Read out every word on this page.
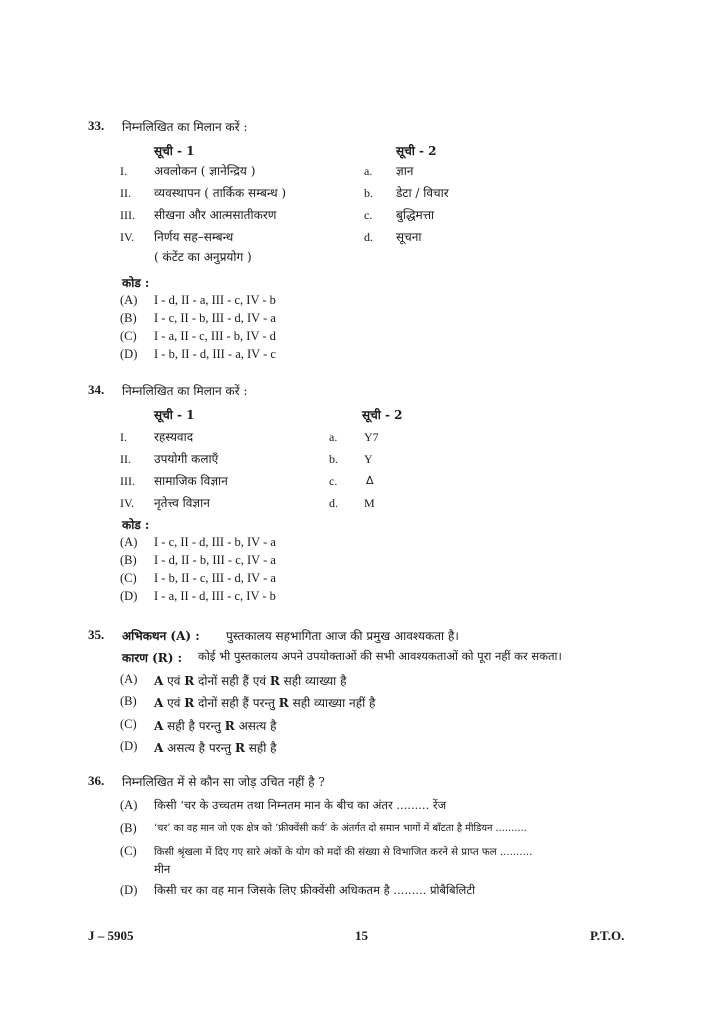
33. निम्नलिखित का मिलान करें :
सूची - 1	सूची - 2
I. अवलोकन ( ज्ञानेन्द्रिय )	a. ज्ञान
II. व्यवस्थापन ( तार्किक सम्बन्ध )	b. डेटा / विचार
III. सीखना और आत्मसातीकरण	c. बुद्धिमत्ता
IV. निर्णय सह–सम्बन्ध	d. सूचना
( कंटेंट का अनुप्रयोग )
कोड :
(A) I - d, II - a, III - c, IV - b
(B) I - c, II - b, III - d, IV - a
(C) I - a, II - c, III - b, IV - d
(D) I - b, II - d, III - a, IV - c
34. निम्नलिखित का मिलान करें :
सूची - 1	सूची - 2
I. रहस्यवाद	a. Y7
II. उपयोगी कलाएँ	b. Y
III. सामाजिक विज्ञान	c.	Δ
IV. नृतेत्त्व विज्ञान	d. M
कोड :
(A) I - c, II - d, III - b, IV - a
(B) I - d, II - b, III - c, IV - a
(C) I - b, II - c, III - d, IV - a
(D) I - a, II - d, III - c, IV - b
35. अभिकथन (A) : पुस्तकालय सहभागिता आज की प्रमुख आवश्यकता है।
कारण (R) : कोई भी पुस्तकालय अपने उपयोक्ताओं की सभी आवश्यकताओं को पूरा नहीं कर सकता।
(A) A एवं R दोनों सही हैं एवं R सही व्याख्या है
(B) A एवं R दोनों सही हैं परन्तु R सही व्याख्या नहीं है
(C) A सही है परन्तु R असत्य है
(D) A असत्य है परन्तु R सही है
36. निम्नलिखित में से कौन सा जोड़ उचित नहीं है ?
(A) किसी ‘चर के उच्चतम तथा निम्नतम मान के बीच का अंतर ......... रेंज
(B) ‘चर’ का वह मान जो एक क्षेत्र को ‘फ्रीक्वेंसी कर्व’ के अंतर्गत दो समान भागों में बाँटता है मीडियन ..........
(C) किसी श्रृंखला में दिए गए सारे अंकों के योग को मदों की संख्या से विभाजित करने से प्राप्त फल ..........
मीन
(D) किसी चर का वह मान जिसके लिए फ्रीक्वेंसी अधिकतम है ......... प्रोबैबिलिटी
J – 5905	15	P.T.O.
